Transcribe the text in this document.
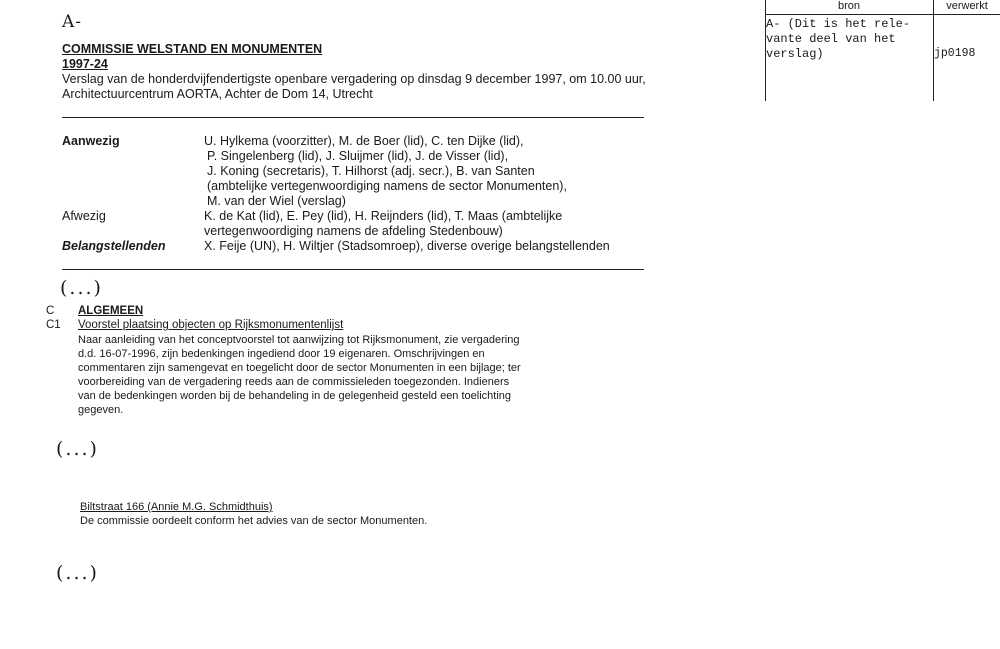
A-
COMMISSIE WELSTAND EN MONUMENTEN
1997-24
Verslag van de honderdvijfendertigste openbare vergadering op dinsdag 9 december 1997, om 10.00 uur, Architectuurcentrum AORTA, Achter de Dom 14, Utrecht
bron	verwerkt
A- (Dit is het rele-
vante deel van het
verslag)	jp0198
Aanwezig	U. Hylkema (voorzitter), M. de Boer (lid), C. ten Dijke (lid),
P. Singelenberg (lid), J. Sluijmer (lid), J. de Visser (lid),
J. Koning (secretaris), T. Hilhorst (adj. secr.), B. van Santen
(ambtelijke vertegenwoordiging namens de sector Monumenten),
M. van der Wiel (verslag)
Afwezig	K. de Kat (lid), E. Pey (lid), H. Reijnders (lid), T. Maas (ambtelijke
vertegenwoordiging namens de afdeling Stedenbouw)
Belangstellenden	X. Feije (UN), H. Wiltjer (Stadsomroep), diverse overige belangstellenden
(...)
C ALGEMEEN
C1 Voorstel plaatsing objecten op Rijksmonumentenlijst
Naar aanleiding van het conceptvoorstel tot aanwijzing tot Rijksmonument, zie vergadering
d.d. 16-07-1996, zijn bedenkingen ingediend door 19 eigenaren. Omschrijvingen en
commentaren zijn samengevat en toegelicht door de sector Monumenten in een bijlage; ter
voorbereiding van de vergadering reeds aan de commissieleden toegezonden. Indieners
van de bedenkingen worden bij de behandeling in de gelegenheid gesteld een toelichting
gegeven.
(...)
Biltstraat 166 (Annie M.G. Schmidthuis)
De commissie oordeelt conform het advies van de sector Monumenten.
(...)
